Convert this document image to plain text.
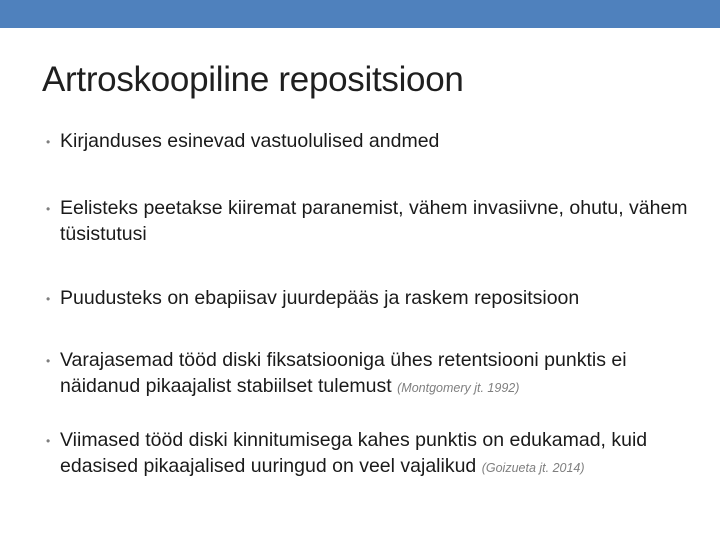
Artroskoopiline repositsioon
• Kirjanduses esinevad vastuolulised andmed
• Eelisteks peetakse kiiremat paranemist, vähem invasiivne, ohutu, vähem tüsistutusi
• Puudusteks on ebapiisav juurdepääs ja raskem repositsioon
• Varajasemad tööd diski fiksatsiooniga ühes retentsiooni punktis ei näidanud pikaajalist stabiilset tulemust (Montgomery jt. 1992)
• Viimased tööd diski kinnitumisega kahes punktis on edukamad, kuid edasised pikaajalised uuringud on veel vajalikud (Goizueta jt. 2014)
